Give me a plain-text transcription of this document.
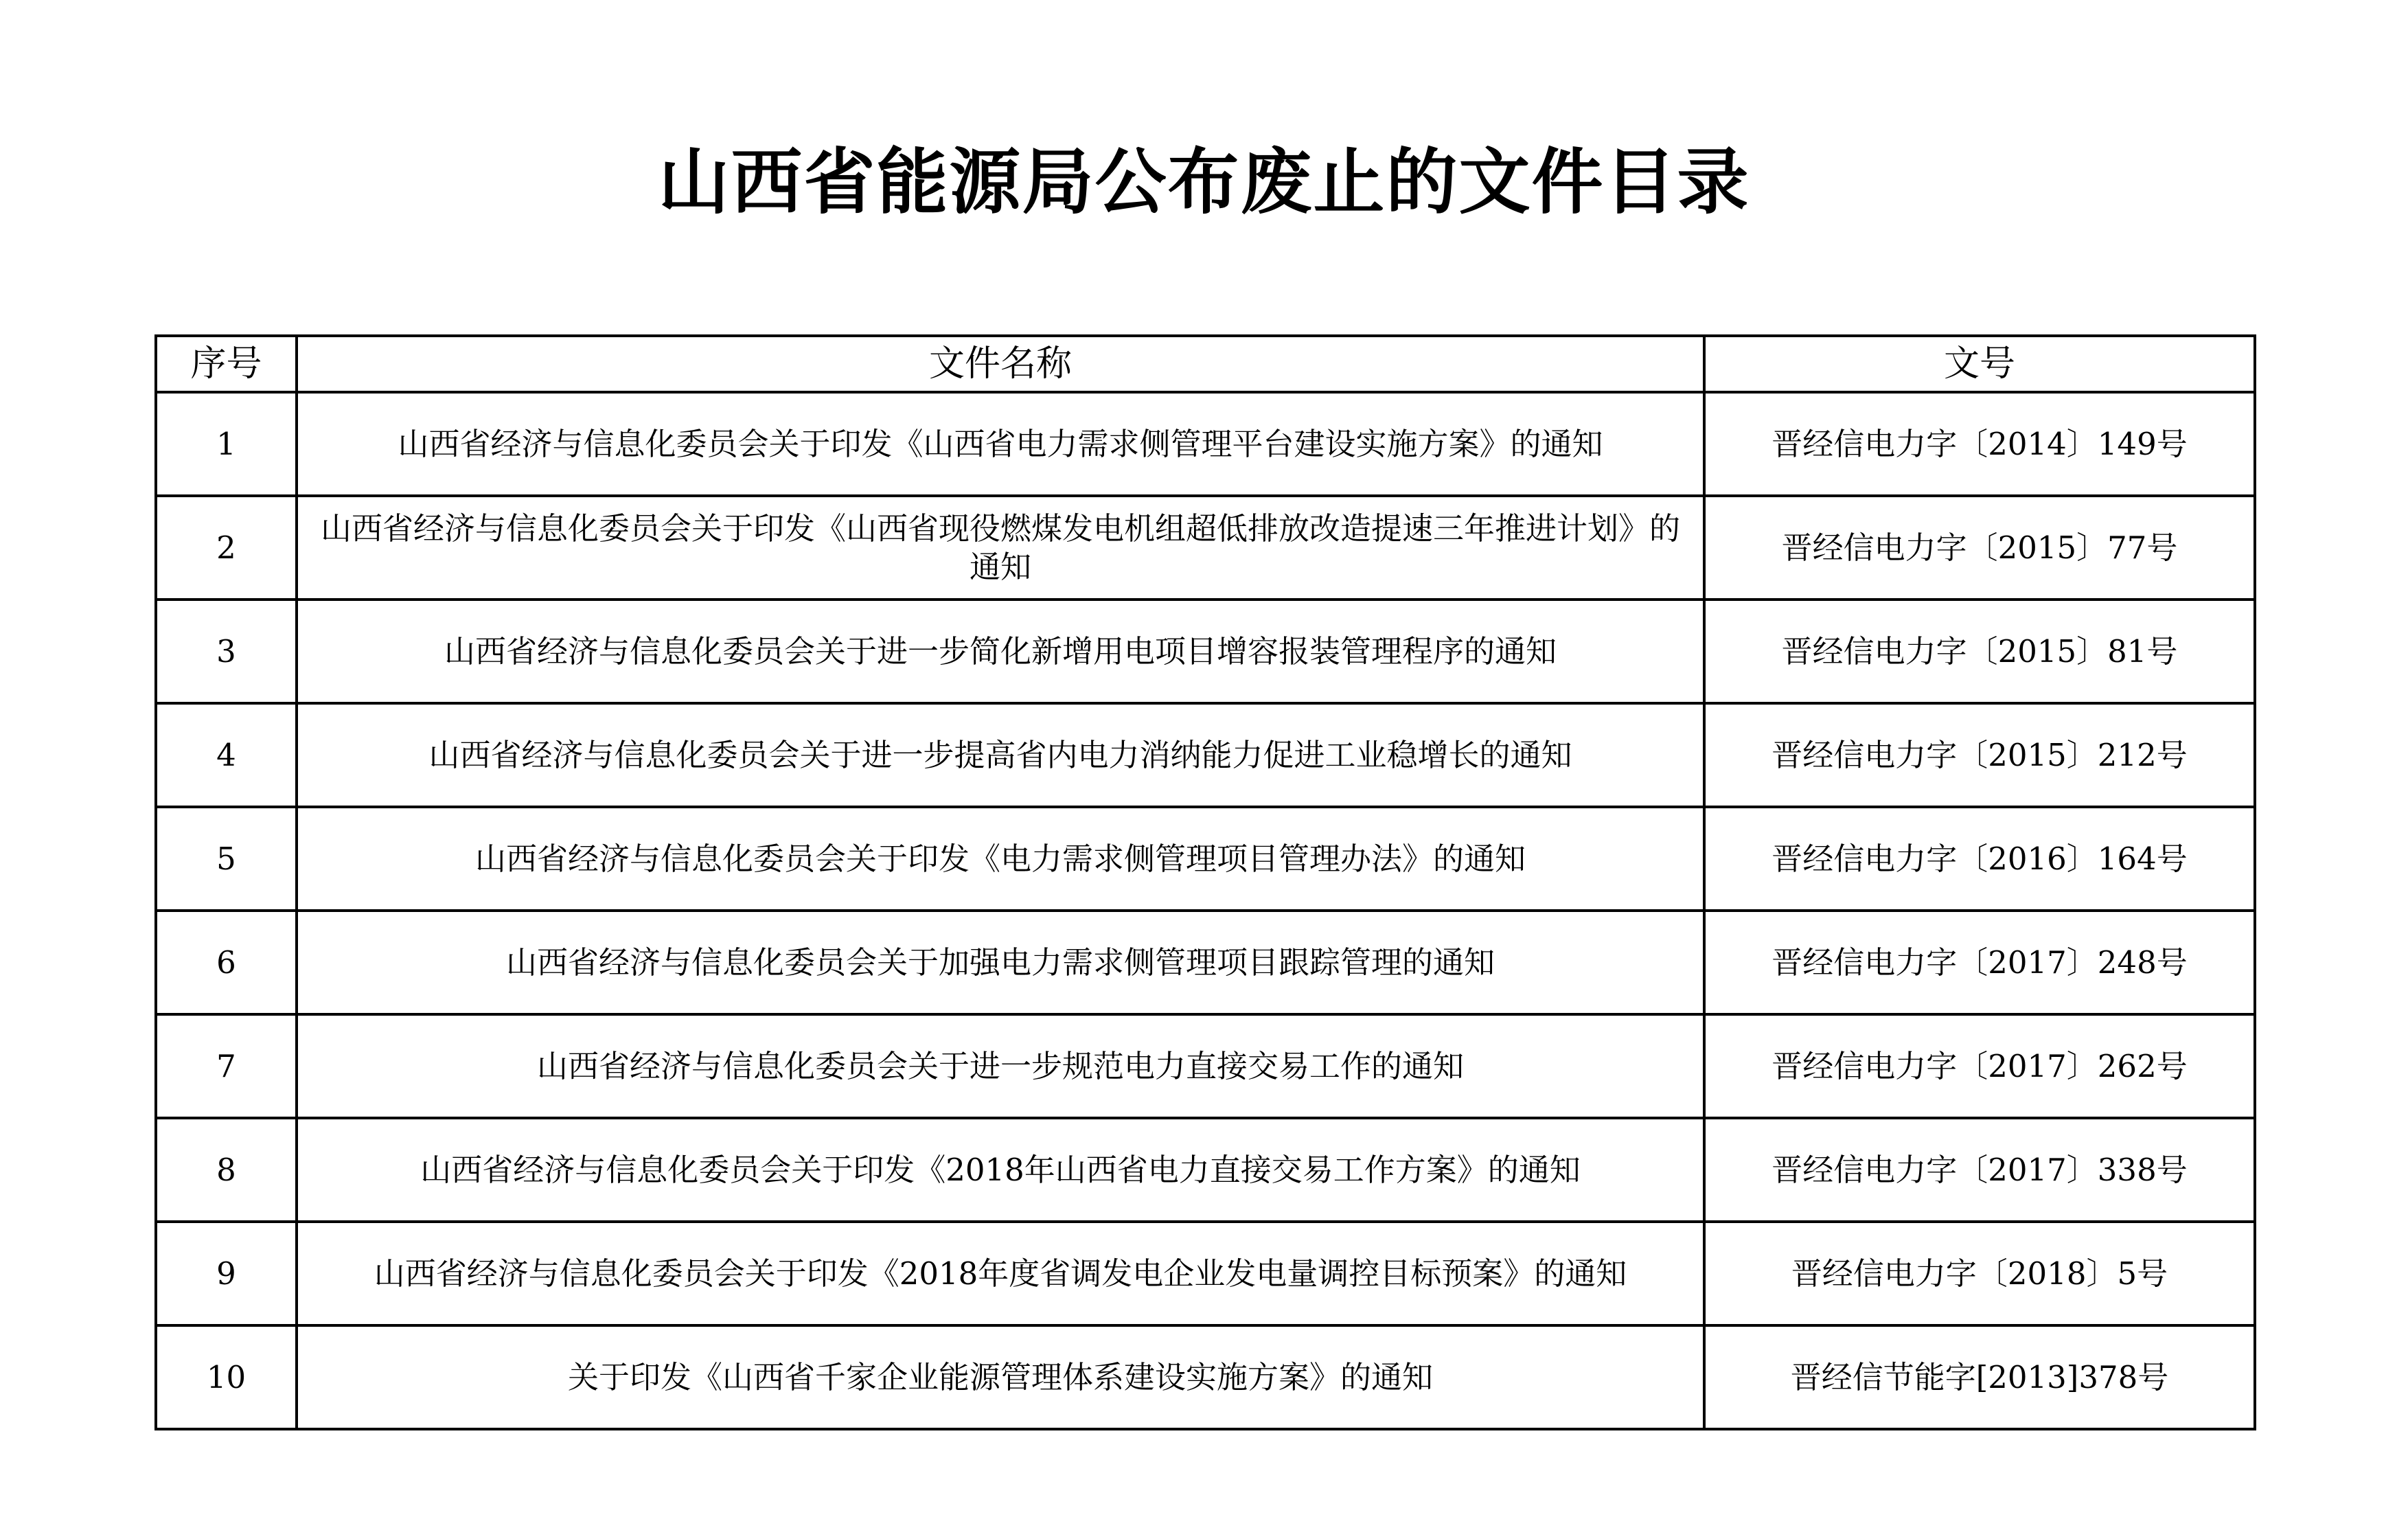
山西省能源局公布废止的文件目录
序号	文件名称	文号
1	山西省经济与信息化委员会关于印发《山西省电力需求侧管理平台建设实施方案》的通知	晋经信电力字〔2014〕149号
2	山西省经济与信息化委员会关于印发《山西省现役燃煤发电机组超低排放改造提速三年推进计划》的通知	晋经信电力字〔2015〕77号
3	山西省经济与信息化委员会关于进一步简化新增用电项目增容报装管理程序的通知	晋经信电力字〔2015〕81号
4	山西省经济与信息化委员会关于进一步提高省内电力消纳能力促进工业稳增长的通知	晋经信电力字〔2015〕212号
5	山西省经济与信息化委员会关于印发《电力需求侧管理项目管理办法》的通知	晋经信电力字〔2016〕164号
6	山西省经济与信息化委员会关于加强电力需求侧管理项目跟踪管理的通知	晋经信电力字〔2017〕248号
7	山西省经济与信息化委员会关于进一步规范电力直接交易工作的通知	晋经信电力字〔2017〕262号
8	山西省经济与信息化委员会关于印发《2018年山西省电力直接交易工作方案》的通知	晋经信电力字〔2017〕338号
9	山西省经济与信息化委员会关于印发《2018年度省调发电企业发电量调控目标预案》的通知	晋经信电力字〔2018〕5号
10	关于印发《山西省千家企业能源管理体系建设实施方案》的通知	晋经信节能字[2013]378号
